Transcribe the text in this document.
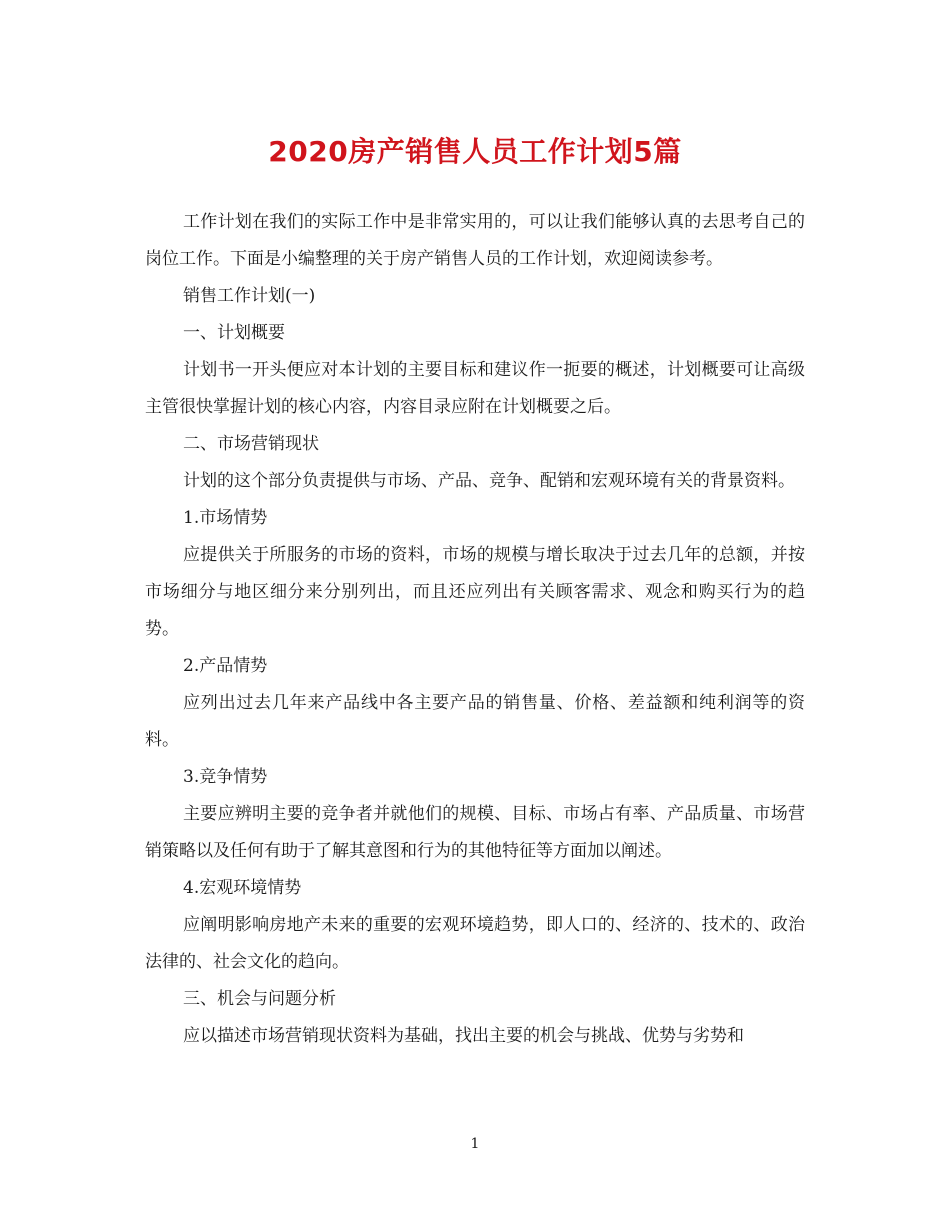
2020房产销售人员工作计划5篇

工作计划在我们的实际工作中是非常实用的，可以让我们能够认真的去思考自己的岗位工作。下面是小编整理的关于房产销售人员的工作计划，欢迎阅读参考。

销售工作计划(一)

一、计划概要

计划书一开头便应对本计划的主要目标和建议作一扼要的概述，计划概要可让高级主管很快掌握计划的核心内容，内容目录应附在计划概要之后。

二、市场营销现状

计划的这个部分负责提供与市场、产品、竞争、配销和宏观环境有关的背景资料。

1.市场情势

应提供关于所服务的市场的资料，市场的规模与增长取决于过去几年的总额，并按市场细分与地区细分来分别列出，而且还应列出有关顾客需求、观念和购买行为的趋势。

2.产品情势

应列出过去几年来产品线中各主要产品的销售量、价格、差益额和纯利润等的资料。

3.竞争情势

主要应辨明主要的竞争者并就他们的规模、目标、市场占有率、产品质量、市场营销策略以及任何有助于了解其意图和行为的其他特征等方面加以阐述。

4.宏观环境情势

应阐明影响房地产未来的重要的宏观环境趋势，即人口的、经济的、技术的、政治法律的、社会文化的趋向。

三、机会与问题分析

应以描述市场营销现状资料为基础，找出主要的机会与挑战、优势与劣势和

1
